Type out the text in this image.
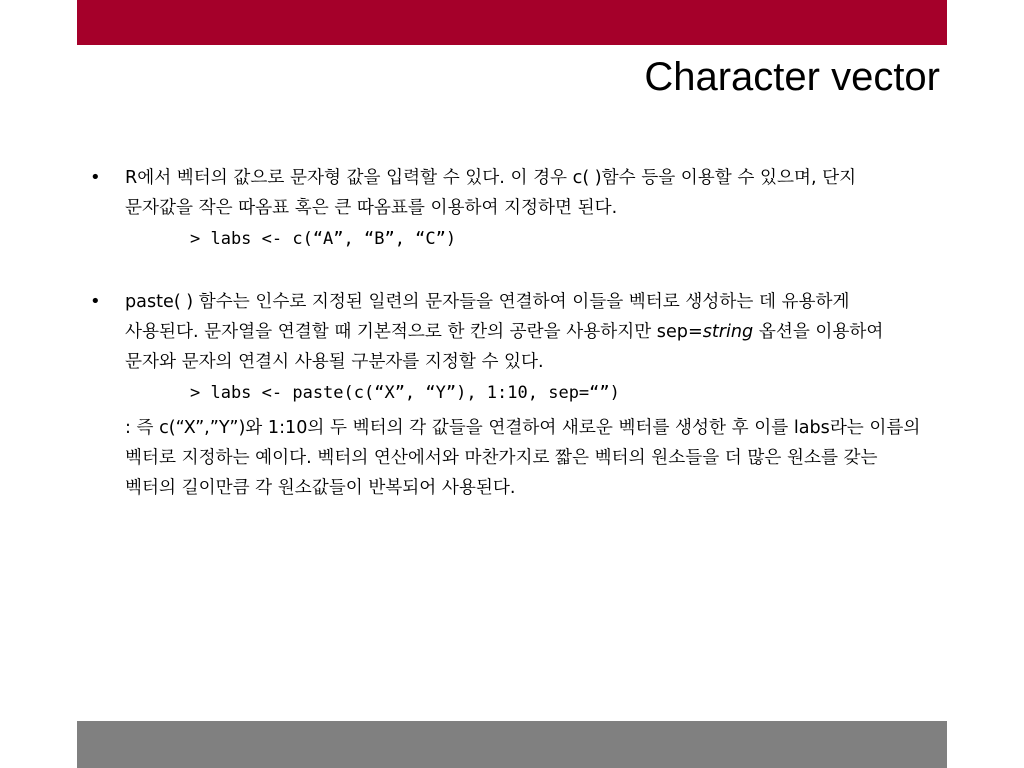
Character vector
•	R에서 벡터의 값으로 문자형 값을 입력할 수 있다. 이 경우 c( )함수 등을 이용할 수 있으며, 단지 문자값을 작은 따옴표 혹은 큰 따옴표를 이용하여 지정하면 된다.

> labs <- c(“A”, “B”, “C”)
•	paste( ) 함수는 인수로 지정된 일련의 문자들을 연결하여 이들을 벡터로 생성하는 데 유용하게 사용된다. 문자열을 연결할 때 기본적으로 한 칸의 공란을 사용하지만 sep=string 옵션을 이용하여 문자와 문자의 연결시 사용될 구분자를 지정할 수 있다.

> labs <- paste(c(“X”, “Y”), 1:10, sep=“”)

: 즉 c(“X”,”Y”)와 1:10의 두 벡터의 각 값들을 연결하여 새로운 벡터를 생성한 후 이를 labs라는 이름의 벡터로 지정하는 예이다. 벡터의 연산에서와 마찬가지로 짧은 벡터의 원소들을 더 많은 원소를 갖는 벡터의 길이만큼 각 원소값들이 반복되어 사용된다.
